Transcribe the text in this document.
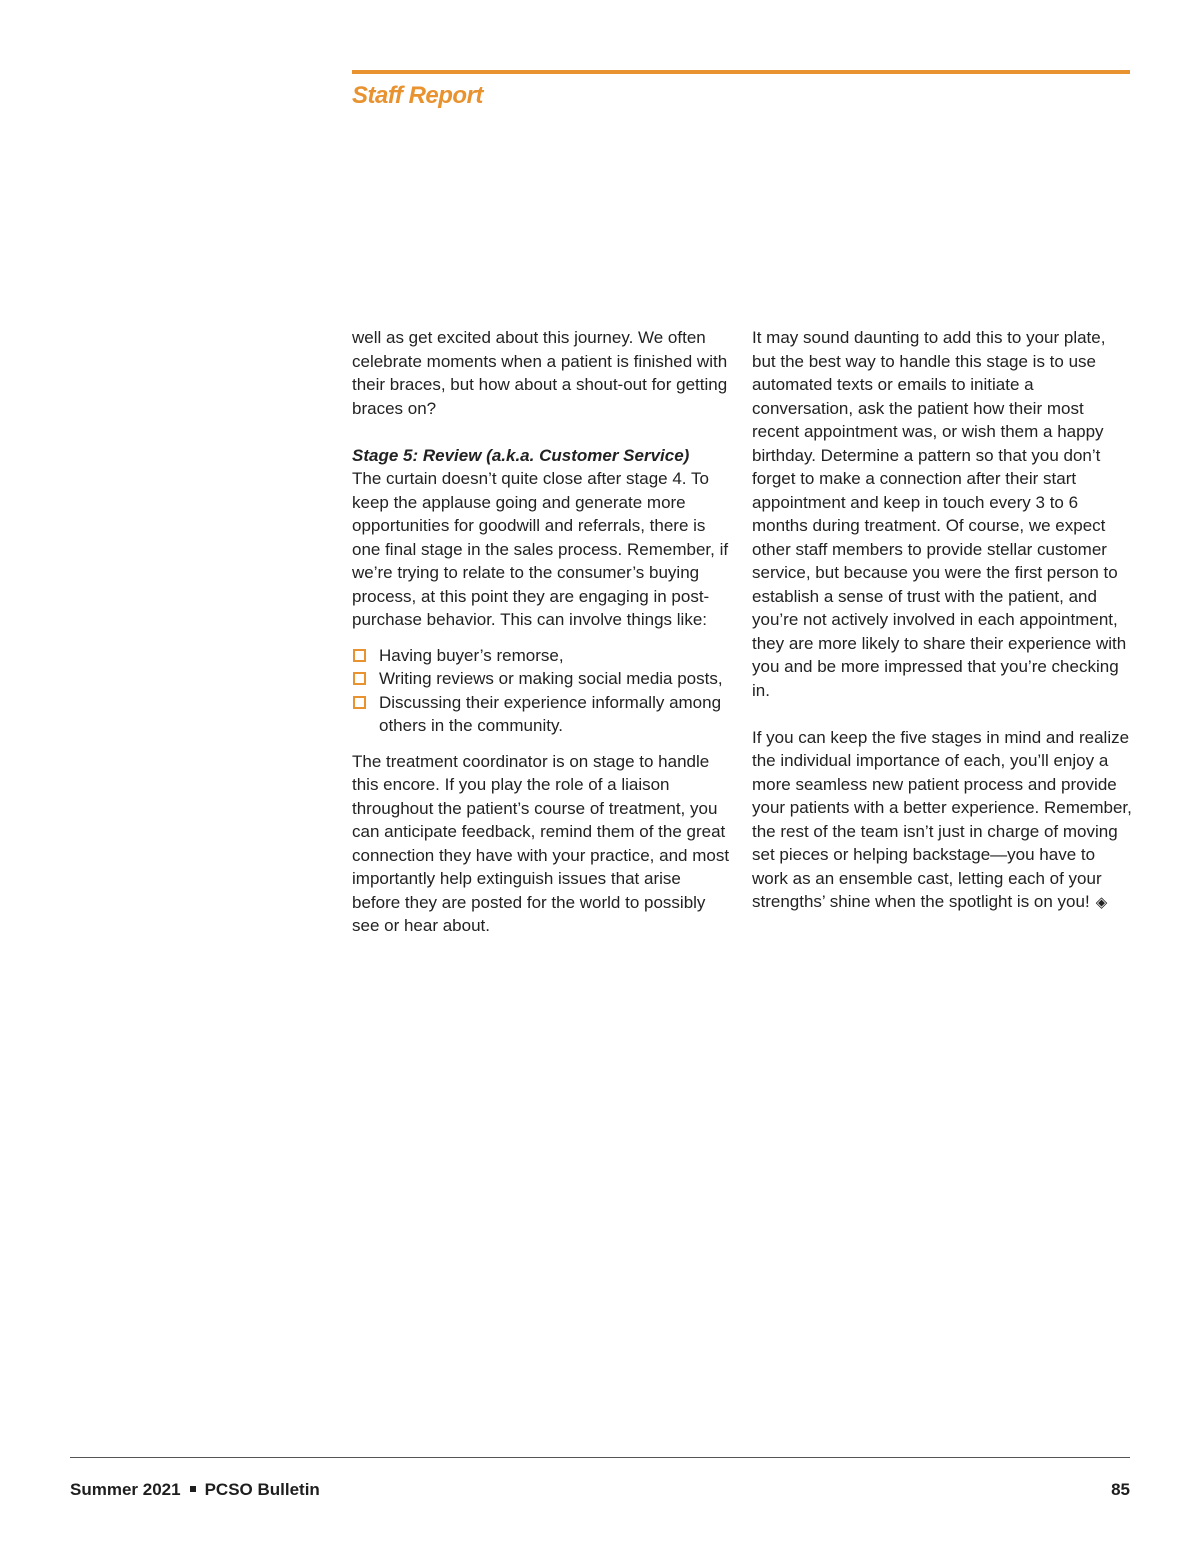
Staff Report

well as get excited about this journey. We often celebrate moments when a patient is finished with their braces, but how about a shout-out for getting braces on?

Stage 5: Review (a.k.a. Customer Service)
The curtain doesn’t quite close after stage 4. To keep the applause going and generate more opportunities for goodwill and referrals, there is one final stage in the sales process. Remember, if we’re trying to relate to the consumer’s buying process, at this point they are engaging in post-purchase behavior. This can involve things like:

Having buyer’s remorse,
Writing reviews or making social media posts,
Discussing their experience informally among others in the community.

The treatment coordinator is on stage to handle this encore. If you play the role of a liaison throughout the patient’s course of treatment, you can anticipate feedback, remind them of the great connection they have with your practice, and most importantly help extinguish issues that arise before they are posted for the world to possibly see or hear about.

It may sound daunting to add this to your plate, but the best way to handle this stage is to use automated texts or emails to initiate a conversation, ask the patient how their most recent appointment was, or wish them a happy birthday. Determine a pattern so that you don’t forget to make a connection after their start appointment and keep in touch every 3 to 6 months during treatment. Of course, we expect other staff members to provide stellar customer service, but because you were the first person to establish a sense of trust with the patient, and you’re not actively involved in each appointment, they are more likely to share their experience with you and be more impressed that you’re checking in.

If you can keep the five stages in mind and realize the individual importance of each, you’ll enjoy a more seamless new patient process and provide your patients with a better experience. Remember, the rest of the team isn’t just in charge of moving set pieces or helping backstage—you have to work as an ensemble cast, letting each of your strengths’ shine when the spotlight is on you! ◈

Summer 2021 PCSO Bulletin	85
